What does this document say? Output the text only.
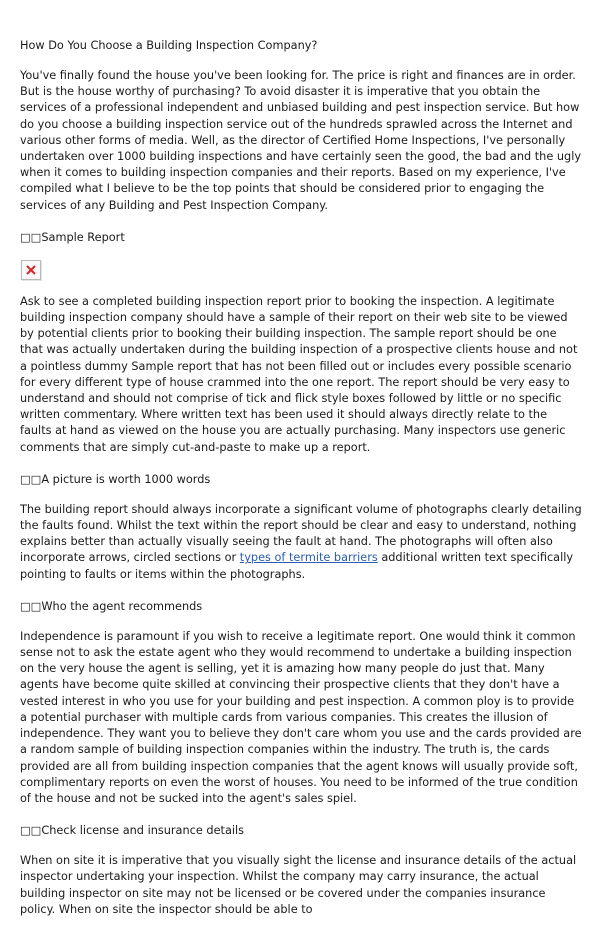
How Do You Choose a Building Inspection Company?

You've finally found the house you've been looking for. The price is right and finances are in order. But is the house worthy of purchasing? To avoid disaster it is imperative that you obtain the services of a professional independent and unbiased building and pest inspection service. But how do you choose a building inspection service out of the hundreds sprawled across the Internet and various other forms of media. Well, as the director of Certified Home Inspections, I've personally undertaken over 1000 building inspections and have certainly seen the good, the bad and the ugly when it comes to building inspection companies and their reports. Based on my experience, I've compiled what I believe to be the top points that should be considered prior to engaging the services of any Building and Pest Inspection Company.

□□Sample Report

Ask to see a completed building inspection report prior to booking the inspection. A legitimate building inspection company should have a sample of their report on their web site to be viewed by potential clients prior to booking their building inspection. The sample report should be one that was actually undertaken during the building inspection of a prospective clients house and not a pointless dummy Sample report that has not been filled out or includes every possible scenario for every different type of house crammed into the one report. The report should be very easy to understand and should not comprise of tick and flick style boxes followed by little or no specific written commentary. Where written text has been used it should always directly relate to the faults at hand as viewed on the house you are actually purchasing. Many inspectors use generic comments that are simply cut-and-paste to make up a report.

□□A picture is worth 1000 words

The building report should always incorporate a significant volume of photographs clearly detailing the faults found. Whilst the text within the report should be clear and easy to understand, nothing explains better than actually visually seeing the fault at hand. The photographs will often also incorporate arrows, circled sections or types of termite barriers additional written text specifically pointing to faults or items within the photographs.

□□Who the agent recommends

Independence is paramount if you wish to receive a legitimate report. One would think it common sense not to ask the estate agent who they would recommend to undertake a building inspection on the very house the agent is selling, yet it is amazing how many people do just that. Many agents have become quite skilled at convincing their prospective clients that they don't have a vested interest in who you use for your building and pest inspection. A common ploy is to provide a potential purchaser with multiple cards from various companies. This creates the illusion of independence. They want you to believe they don't care whom you use and the cards provided are a random sample of building inspection companies within the industry. The truth is, the cards provided are all from building inspection companies that the agent knows will usually provide soft, complimentary reports on even the worst of houses. You need to be informed of the true condition of the house and not be sucked into the agent's sales spiel.

□□Check license and insurance details

When on site it is imperative that you visually sight the license and insurance details of the actual inspector undertaking your inspection. Whilst the company may carry insurance, the actual building inspector on site may not be licensed or be covered under the companies insurance policy. When on site the inspector should be able to
